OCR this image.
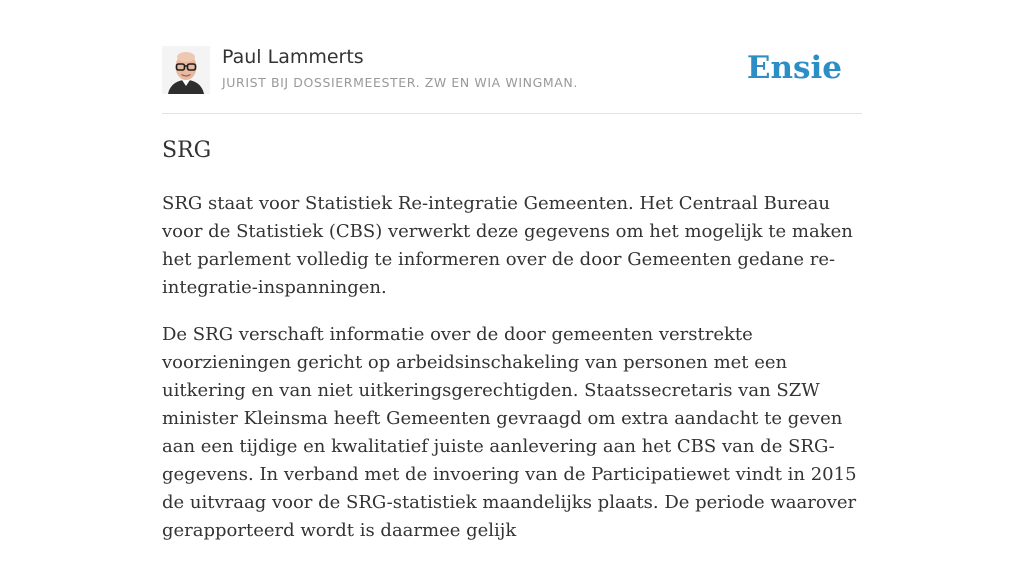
Paul Lammerts
JURIST BIJ DOSSIERMEESTER. ZW EN WIA WINGMAN.	Ensie
SRG

SRG staat voor Statistiek Re-integratie Gemeenten. Het Centraal Bureau voor de Statistiek (CBS) verwerkt deze gegevens om het mogelijk te maken het parlement volledig te informeren over de door Gemeenten gedane re-integratie-inspanningen.

De SRG verschaft informatie over de door gemeenten verstrekte voorzieningen gericht op arbeidsinschakeling van personen met een uitkering en van niet uitkeringsgerechtigden. Staatssecretaris van SZW minister Kleinsma heeft Gemeenten gevraagd om extra aandacht te geven aan een tijdige en kwalitatief juiste aanlevering aan het CBS van de SRG-gegevens. In verband met de invoering van de Participatiewet vindt in 2015 de uitvraag voor de SRG-statistiek maandelijks plaats. De periode waarover gerapporteerd wordt is daarmee gelijk
